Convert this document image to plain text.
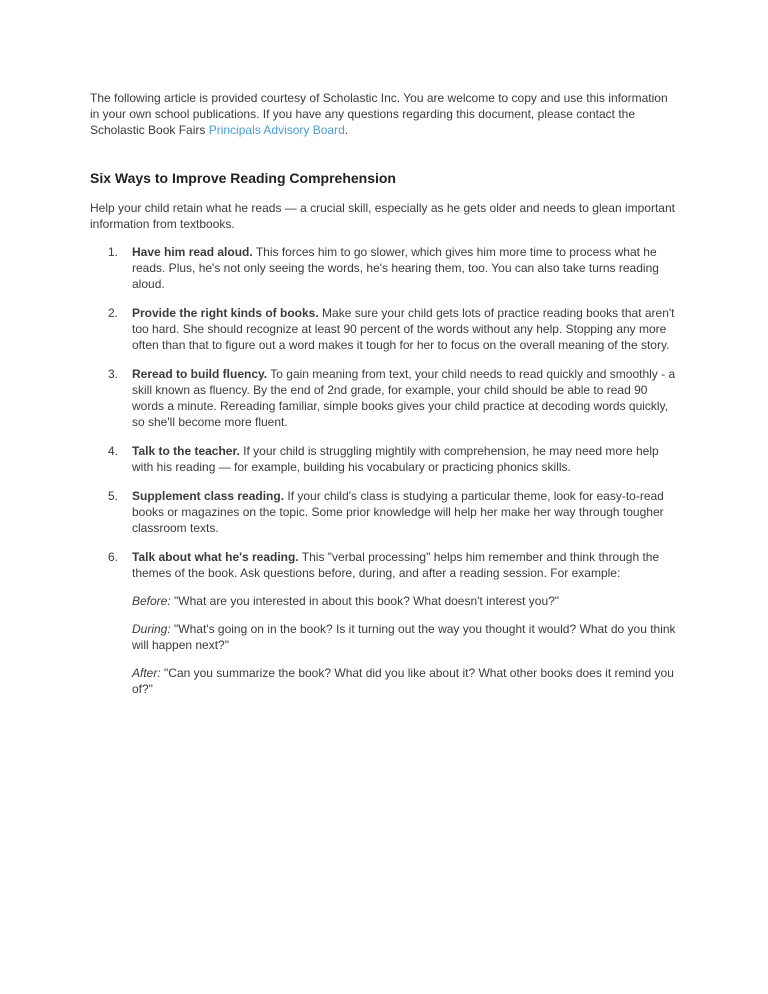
The following article is provided courtesy of Scholastic Inc. You are welcome to copy and use this information in your own school publications. If you have any questions regarding this document, please contact the Scholastic Book Fairs Principals Advisory Board.

Six Ways to Improve Reading Comprehension

Help your child retain what he reads — a crucial skill, especially as he gets older and needs to glean important information from textbooks.

1.	Have him read aloud. This forces him to go slower, which gives him more time to process what he reads. Plus, he's not only seeing the words, he's hearing them, too. You can also take turns reading aloud.
2.	Provide the right kinds of books. Make sure your child gets lots of practice reading books that aren't too hard. She should recognize at least 90 percent of the words without any help. Stopping any more often than that to figure out a word makes it tough for her to focus on the overall meaning of the story.
3.	Reread to build fluency. To gain meaning from text, your child needs to read quickly and smoothly - a skill known as fluency. By the end of 2nd grade, for example, your child should be able to read 90 words a minute. Rereading familiar, simple books gives your child practice at decoding words quickly, so she'll become more fluent.
4.	Talk to the teacher. If your child is struggling mightily with comprehension, he may need more help with his reading — for example, building his vocabulary or practicing phonics skills.
5.	Supplement class reading. If your child's class is studying a particular theme, look for easy-to-read books or magazines on the topic. Some prior knowledge will help her make her way through tougher classroom texts.
6.	Talk about what he's reading. This "verbal processing" helps him remember and think through the themes of the book. Ask questions before, during, and after a reading session. For example:

Before: "What are you interested in about this book? What doesn't interest you?"

During: "What's going on in the book? Is it turning out the way you thought it would? What do you think will happen next?"

After: "Can you summarize the book? What did you like about it? What other books does it remind you of?"
